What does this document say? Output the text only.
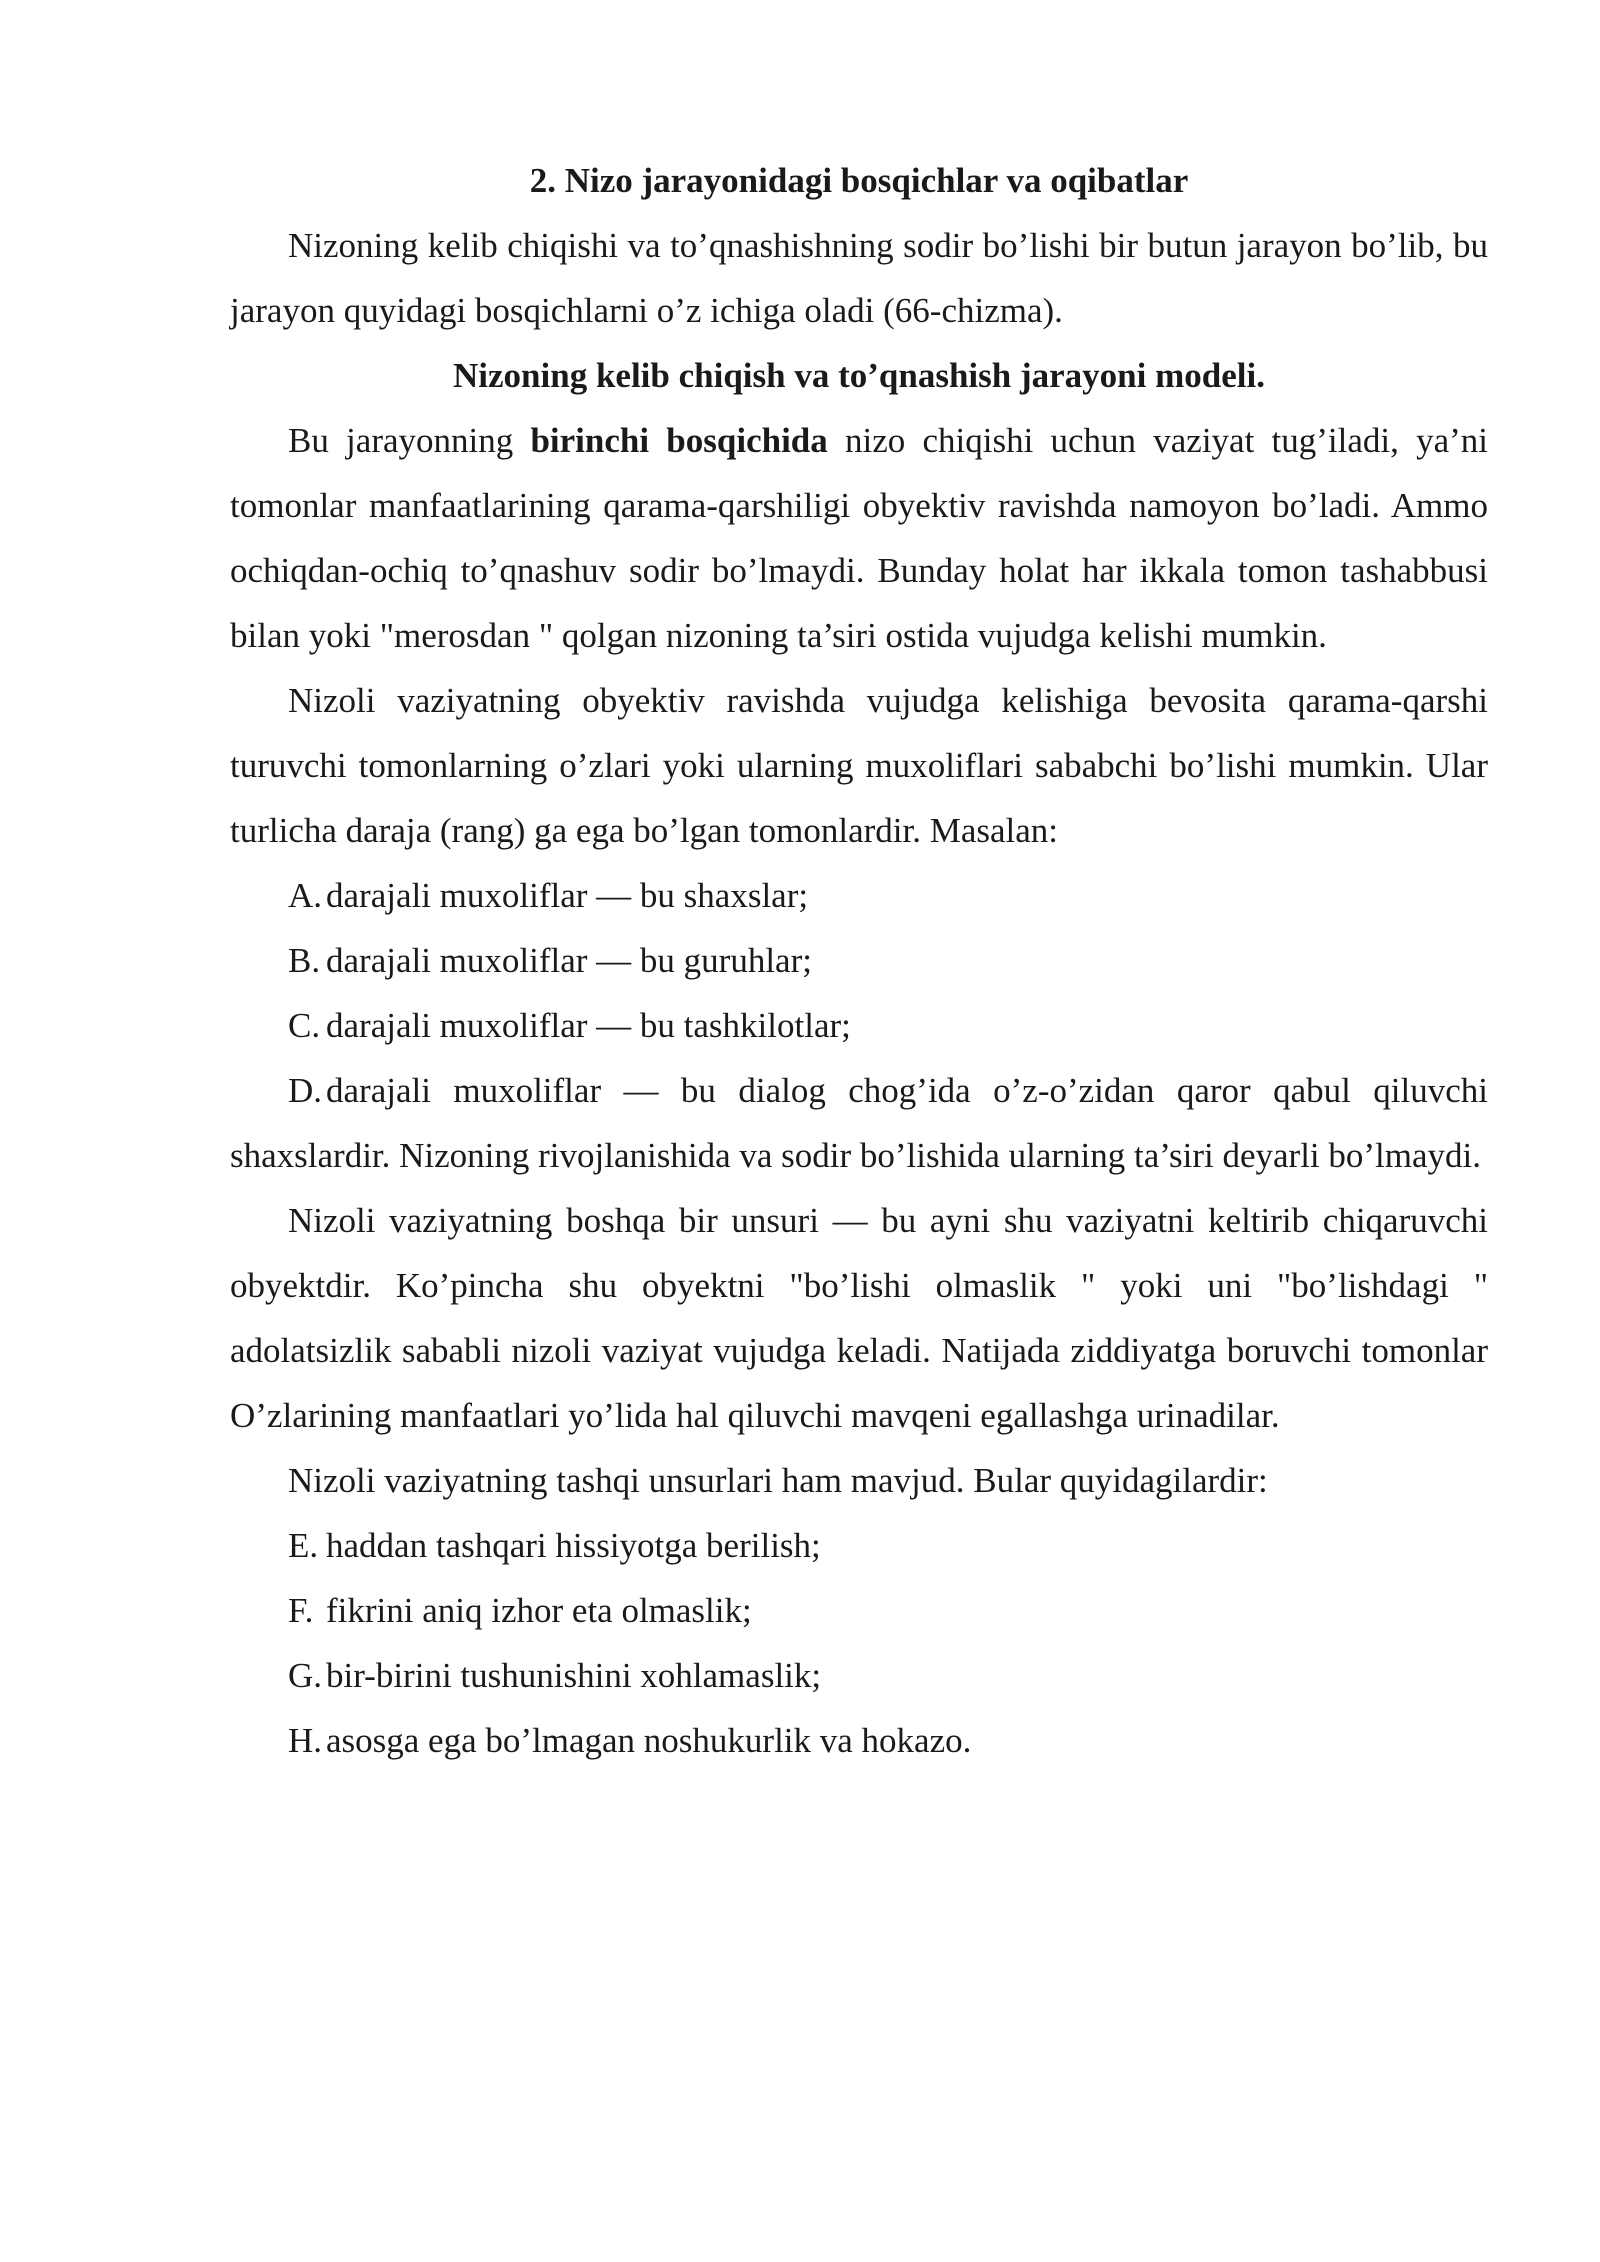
2. Nizo jarayonidagi bosqichlar va oqibatlar

Nizoning kelib chiqishi va to’qnashishning sodir bo’lishi bir butun jarayon bo’lib, bu jarayon quyidagi bosqichlarni o’z ichiga oladi (66-chizma).

Nizoning kelib chiqish va to’qnashish jarayoni modeli.

Bu jarayonning birinchi bosqichida nizo chiqishi uchun vaziyat tug’iladi, ya’ni tomonlar manfaatlarining qarama-qarshiligi obyektiv ravishda namoyon bo’ladi. Ammo ochiqdan-ochiq to’qnashuv sodir bo’lmaydi. Bunday holat har ikkala tomon tashabbusi bilan yoki "merosdan " qolgan nizoning ta’siri ostida vujudga kelishi mumkin.

Nizoli vaziyatning obyektiv ravishda vujudga kelishiga bevosita qarama-qarshi turuvchi tomonlarning o’zlari yoki ularning muxoliflari sababchi bo’lishi mumkin. Ular turlicha daraja (rang) ga ega bo’lgan tomonlardir. Masalan:

A. darajali muxoliflar — bu shaxslar;

B. darajali muxoliflar — bu guruhlar;

C. darajali muxoliflar — bu tashkilotlar;

D. darajali muxoliflar — bu dialog chog’ida o’z-o’zidan qaror qabul qiluvchi shaxslardir. Nizoning rivojlanishida va sodir bo’lishida ularning ta’siri deyarli bo’lmaydi.

Nizoli vaziyatning boshqa bir unsuri — bu ayni shu vaziyatni keltirib chiqaruvchi obyektdir. Ko’pincha shu obyektni "bo’lishi olmaslik " yoki uni "bo’lishdagi " adolatsizlik sababli nizoli vaziyat vujudga keladi. Natijada ziddiyatga boruvchi tomonlar O’zlarining manfaatlari yo’lida hal qiluvchi mavqeni egallashga urinadilar.

Nizoli vaziyatning tashqi unsurlari ham mavjud. Bular quyidagilardir:

E. haddan tashqari hissiyotga berilish;

F. fikrini aniq izhor eta olmaslik;

G. bir-birini tushunishini xohlamaslik;

H. asosga ega bo’lmagan noshukurlik va hokazo.
